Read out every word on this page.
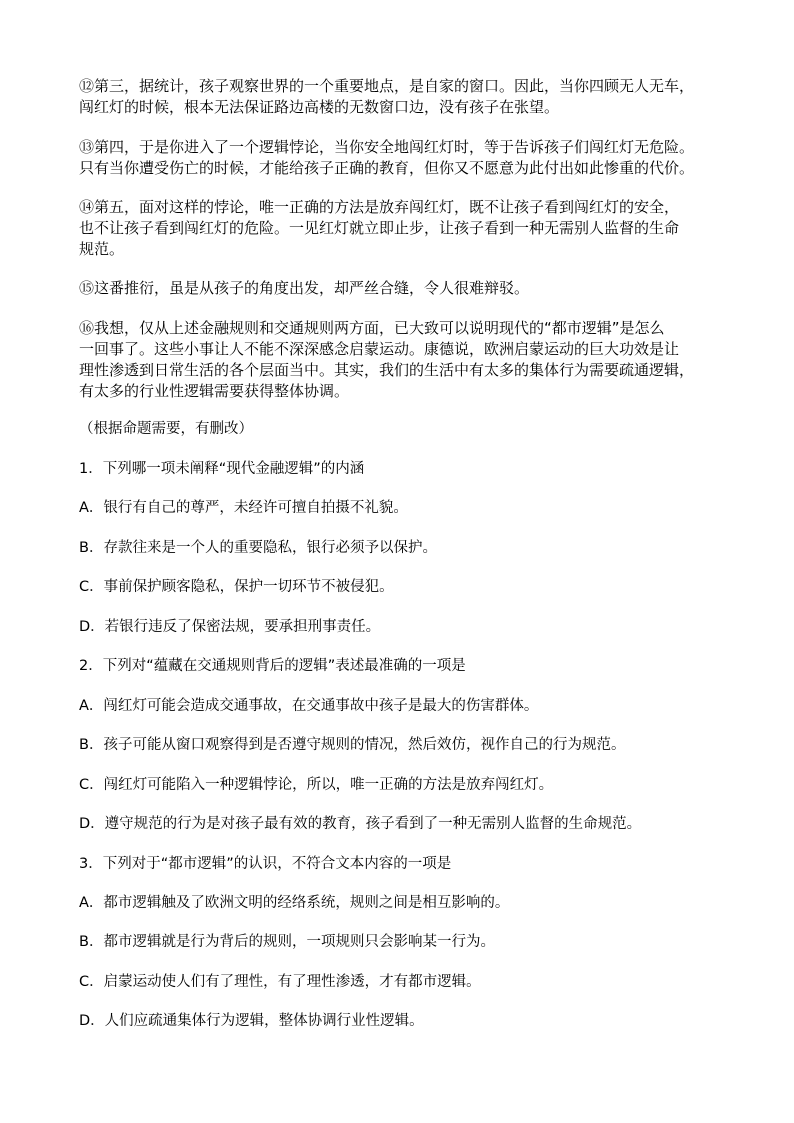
⑫第三，据统计，孩子观察世界的一个重要地点，是自家的窗口。因此，当你四顾无人无车，
闯红灯的时候，根本无法保证路边高楼的无数窗口边，没有孩子在张望。
⑬第四，于是你进入了一个逻辑悖论，当你安全地闯红灯时，等于告诉孩子们闯红灯无危险。
只有当你遭受伤亡的时候，才能给孩子正确的教育，但你又不愿意为此付出如此惨重的代价。
⑭第五，面对这样的悖论，唯一正确的方法是放弃闯红灯，既不让孩子看到闯红灯的安全，
也不让孩子看到闯红灯的危险。一见红灯就立即止步，让孩子看到一种无需别人监督的生命
规范。
⑮这番推衍，虽是从孩子的角度出发，却严丝合缝，令人很难辩驳。
⑯我想，仅从上述金融规则和交通规则两方面，已大致可以说明现代的“都市逻辑”是怎么
一回事了。这些小事让人不能不深深感念启蒙运动。康德说，欧洲启蒙运动的巨大功效是让
理性渗透到日常生活的各个层面当中。其实，我们的生活中有太多的集体行为需要疏通逻辑，
有太多的行业性逻辑需要获得整体协调。
（根据命题需要，有删改）
1．下列哪一项未阐释“现代金融逻辑”的内涵
A．银行有自己的尊严，未经许可擅自拍摄不礼貌。
B．存款往来是一个人的重要隐私，银行必须予以保护。
C．事前保护顾客隐私，保护一切环节不被侵犯。
D．若银行违反了保密法规，要承担刑事责任。
2．下列对“蕴藏在交通规则背后的逻辑”表述最准确的一项是
A．闯红灯可能会造成交通事故，在交通事故中孩子是最大的伤害群体。
B．孩子可能从窗口观察得到是否遵守规则的情况，然后效仿，视作自己的行为规范。
C．闯红灯可能陷入一种逻辑悖论，所以，唯一正确的方法是放弃闯红灯。
D．遵守规范的行为是对孩子最有效的教育，孩子看到了一种无需别人监督的生命规范。
3．下列对于“都市逻辑”的认识，不符合文本内容的一项是
A．都市逻辑触及了欧洲文明的经络系统，规则之间是相互影响的。
B．都市逻辑就是行为背后的规则，一项规则只会影响某一行为。
C．启蒙运动使人们有了理性，有了理性渗透，才有都市逻辑。
D．人们应疏通集体行为逻辑，整体协调行业性逻辑。
